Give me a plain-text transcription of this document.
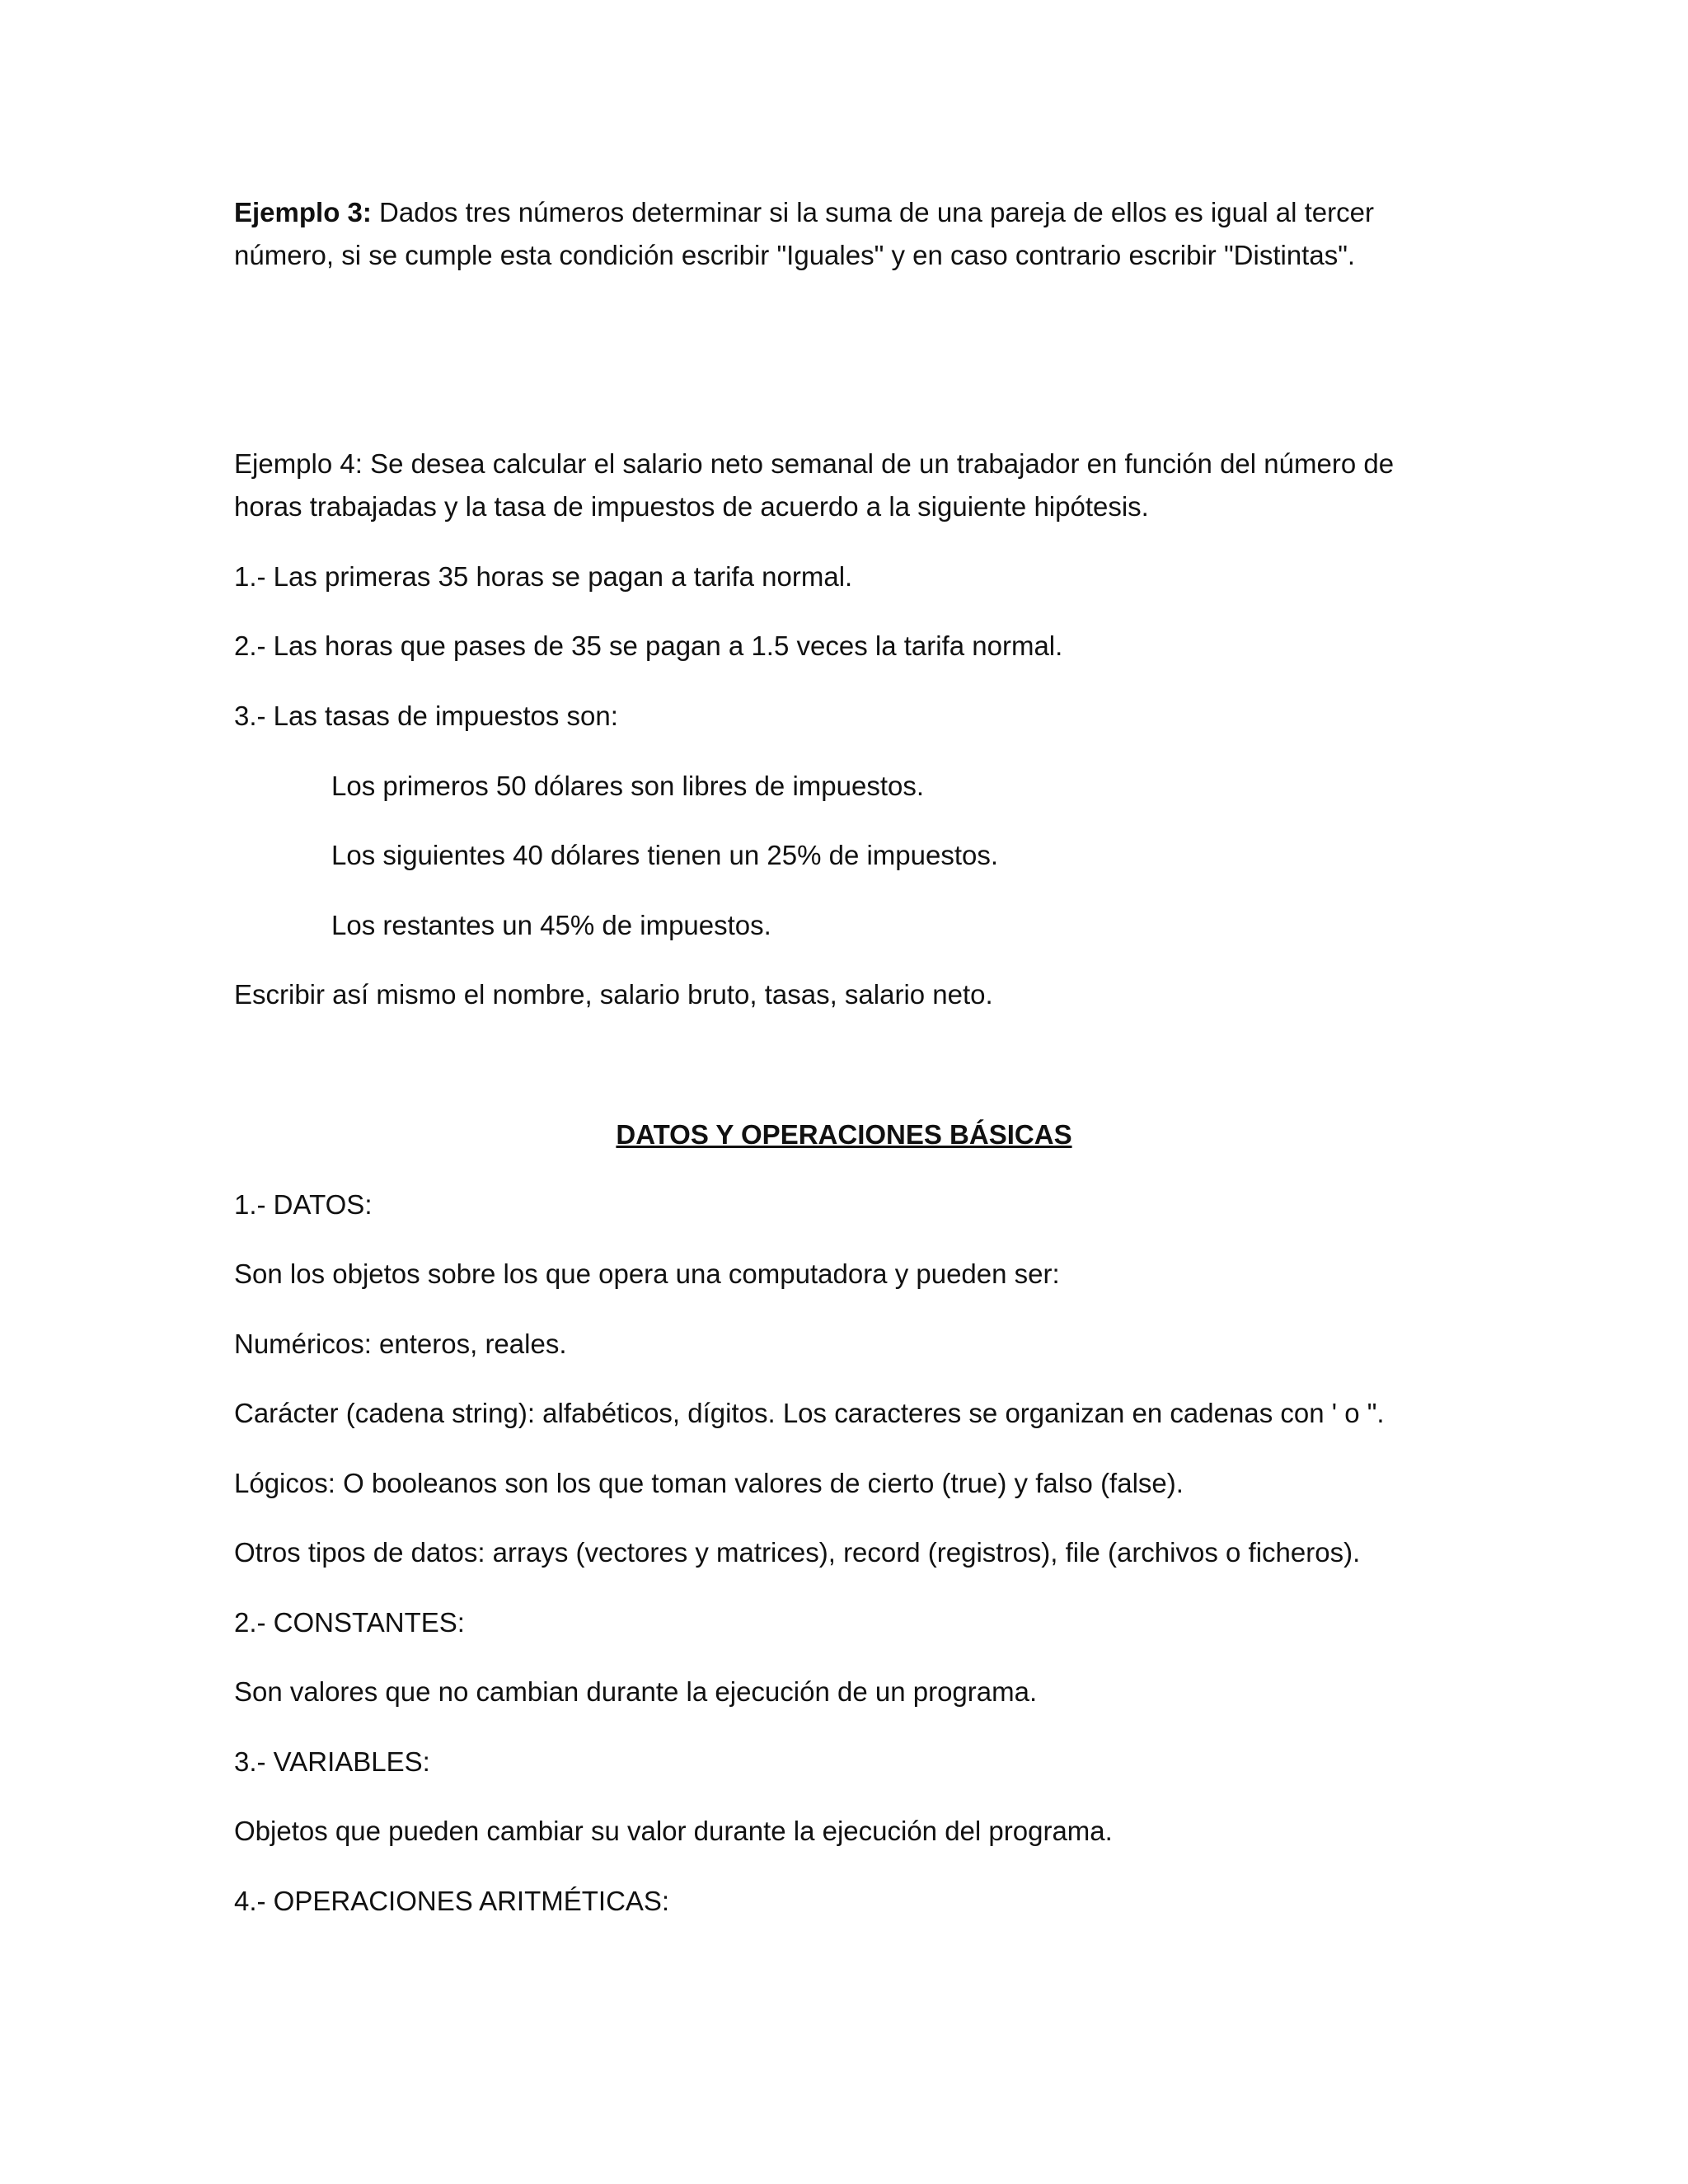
Ejemplo 3: Dados tres números determinar si la suma de una pareja de ellos es igual al tercer

número, si se cumple esta condición escribir "Iguales" y en caso contrario escribir "Distintas".

Ejemplo 4: Se desea calcular el salario neto semanal de un trabajador en función del número de

horas trabajadas y la tasa de impuestos de acuerdo a la siguiente hipótesis.

1.- Las primeras 35 horas se pagan a tarifa normal.

2.- Las horas que pases de 35 se pagan a 1.5 veces la tarifa normal.

3.- Las tasas de impuestos son:

Los primeros 50 dólares son libres de impuestos.

Los siguientes 40 dólares tienen un 25% de impuestos.

Los restantes un 45% de impuestos.

Escribir así mismo el nombre, salario bruto, tasas, salario neto.

DATOS Y OPERACIONES BÁSICAS

1.- DATOS:

Son los objetos sobre los que opera una computadora y pueden ser:

Numéricos: enteros, reales.

Carácter (cadena string): alfabéticos, dígitos. Los caracteres se organizan en cadenas con ' o ".

Lógicos: O booleanos son los que toman valores de cierto (true) y falso (false).

Otros tipos de datos: arrays (vectores y matrices), record (registros), file (archivos o ficheros).

2.- CONSTANTES:

Son valores que no cambian durante la ejecución de un programa.

3.- VARIABLES:

Objetos que pueden cambiar su valor durante la ejecución del programa.

4.- OPERACIONES ARITMÉTICAS:
